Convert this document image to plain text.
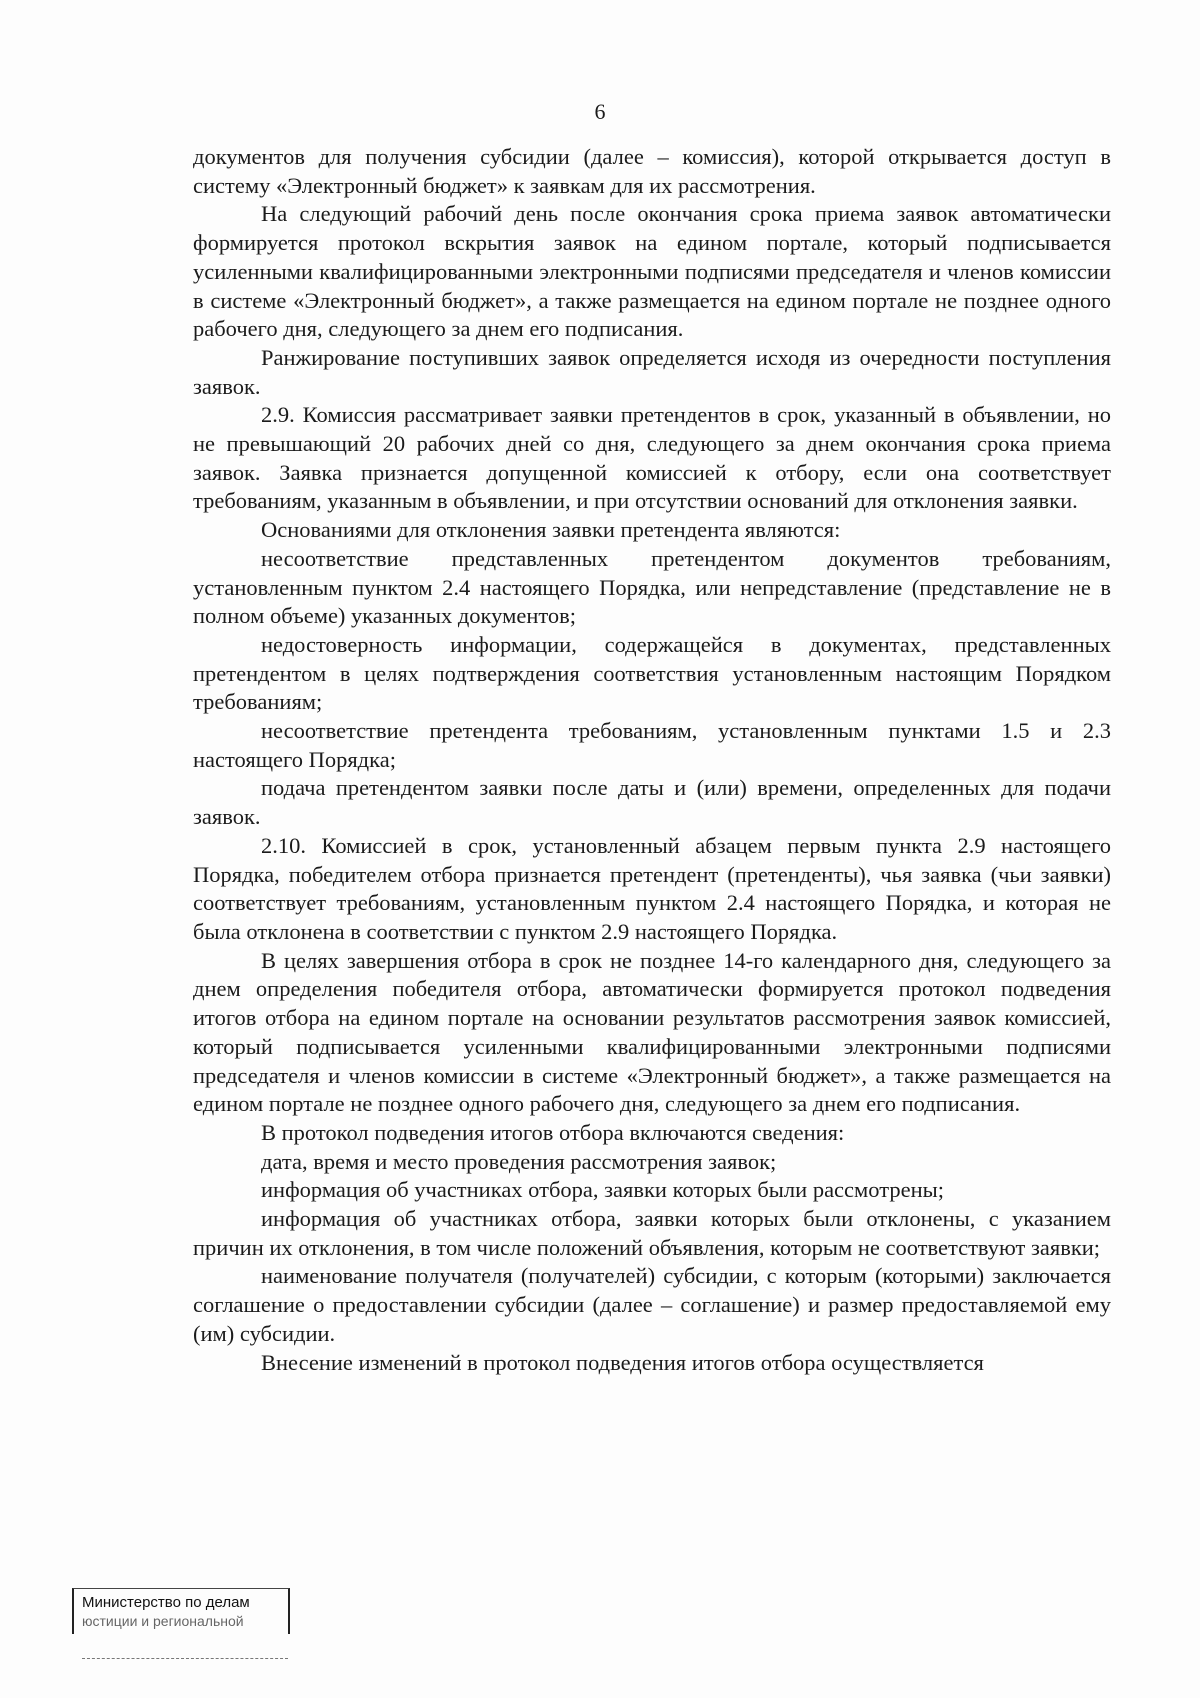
6

документов для получения субсидии (далее – комиссия), которой открывается доступ в систему «Электронный бюджет» к заявкам для их рассмотрения.

На следующий рабочий день после окончания срока приема заявок автоматически формируется протокол вскрытия заявок на едином портале, который подписывается усиленными квалифицированными электронными подписями председателя и членов комиссии в системе «Электронный бюджет», а также размещается на едином портале не позднее одного рабочего дня, следующего за днем его подписания.

Ранжирование поступивших заявок определяется исходя из очередности поступления заявок.

2.9. Комиссия рассматривает заявки претендентов в срок, указанный в объявлении, но не превышающий 20 рабочих дней со дня, следующего за днем окончания срока приема заявок. Заявка признается допущенной комиссией к отбору, если она соответствует требованиям, указанным в объявлении, и при отсутствии оснований для отклонения заявки.

Основаниями для отклонения заявки претендента являются:

несоответствие представленных претендентом документов требованиям, установленным пунктом 2.4 настоящего Порядка, или непредставление (представление не в полном объеме) указанных документов;

недостоверность информации, содержащейся в документах, представленных претендентом в целях подтверждения соответствия установленным настоящим Порядком требованиям;

несоответствие претендента требованиям, установленным пунктами 1.5 и 2.3 настоящего Порядка;

подача претендентом заявки после даты и (или) времени, определенных для подачи заявок.

2.10. Комиссией в срок, установленный абзацем первым пункта 2.9 настоящего Порядка, победителем отбора признается претендент (претенденты), чья заявка (чьи заявки) соответствует требованиям, установленным пунктом 2.4 настоящего Порядка, и которая не была отклонена в соответствии с пунктом 2.9 настоящего Порядка.

В целях завершения отбора в срок не позднее 14-го календарного дня, следующего за днем определения победителя отбора, автоматически формируется протокол подведения итогов отбора на едином портале на основании результатов рассмотрения заявок комиссией, который подписывается усиленными квалифицированными электронными подписями председателя и членов комиссии в системе «Электронный бюджет», а также размещается на едином портале не позднее одного рабочего дня, следующего за днем его подписания.

В протокол подведения итогов отбора включаются сведения:

дата, время и место проведения рассмотрения заявок;

информация об участниках отбора, заявки которых были рассмотрены;

информация об участниках отбора, заявки которых были отклонены, с указанием причин их отклонения, в том числе положений объявления, которым не соответствуют заявки;

наименование получателя (получателей) субсидии, с которым (которыми) заключается соглашение о предоставлении субсидии (далее – соглашение) и размер предоставляемой ему (им) субсидии.

Внесение изменений в протокол подведения итогов отбора осуществляется

Министерство по делам
юстиции и региональной
